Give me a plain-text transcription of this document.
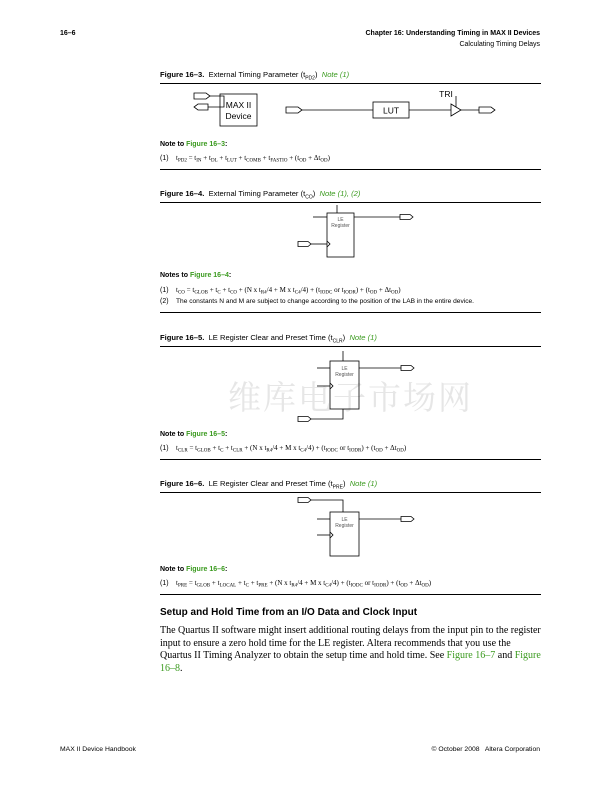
16–6	Chapter 16: Understanding Timing in MAX II Devices
Calculating Timing Delays
维库电子市场网
Figure 16–3. External Timing Parameter $(t_{PD2})$ Note (1)
MAX II
Device
LUT
TRI
Note to Figure 16–3:
(1) $t_{PD2} = t_{IN} + t_{DL} + t_{LUT} + t_{COMB} + t_{FASTIO} + (t_{OD} + \Delta t_{OD})$
Figure 16–4. External Timing Parameter $(t_{CO})$ Note (1), (2)
LE
Register
Notes to Figure 16–4:
(1) $t_{CO} = t_{GLOB} + t_C + t_{CO} + (N$ x $t_{R4}/4 + M$ x $t_{C4}/4) + (t_{IODC}$ or $t_{IODR}) + (t_{OD} + \Delta t_{OD})$
(2) The constants N and M are subject to change according to the position of the LAB in the entire device.
Figure 16–5. LE Register Clear and Preset Time $(t_{CLR})$ Note (1)
LE
Register
Note to Figure 16–5:
(1) $t_{CLR} = t_{GLOB} + t_C + t_{CLR} + (N$ x $t_{R4}/4 + M$ x $t_{C4}/4) + (t_{IODC}$ or $t_{IODR}) + (t_{OD} + \Delta t_{OD})$
Figure 16–6. LE Register Clear and Preset Time $(t_{PRE})$ Note (1)
LE
Register
Note to Figure 16–6:
(1) $t_{PRE} = t_{GLOB} + t_{LOCAL} + t_C + t_{PRE} + (N$ x $t_{R4}/4 + M$ x $t_{C4}/4) + (t_{IODC}$ or $t_{IODR}) + (t_{OD} + \Delta t_{OD})$
Setup and Hold Time from an I/O Data and Clock Input
The Quartus II software might insert additional routing delays from the input pin to the register input to ensure a zero hold time for the LE register. Altera recommends that you use the Quartus II Timing Analyzer to obtain the setup time and hold time. See Figure 16–7 and Figure 16–8.
MAX II Device Handbook	© October 2008   Altera Corporation
